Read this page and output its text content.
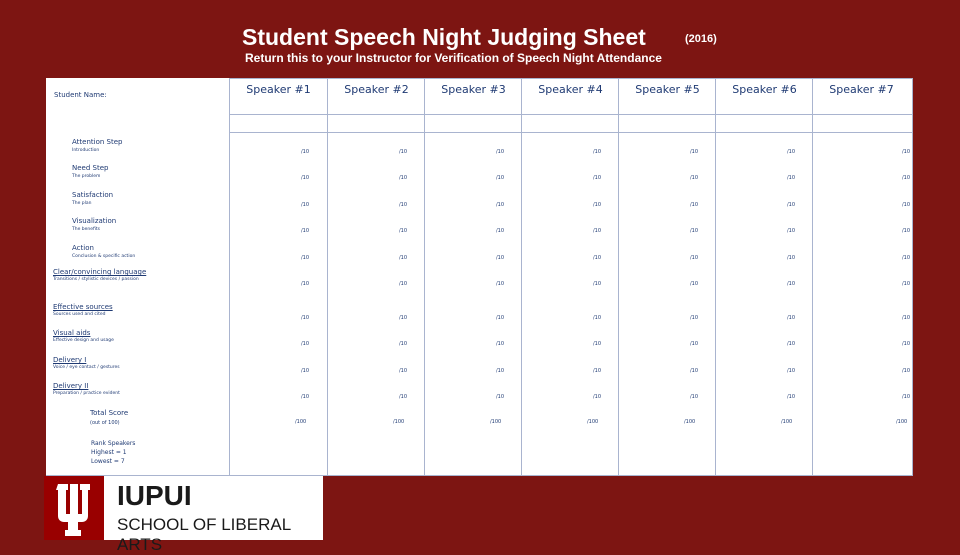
Student Speech Night Judging Sheet	(2016)
Return this to your Instructor for Verification of Speech Night Attendance
Student Name:	Speaker #1	Speaker #2	Speaker #3	Speaker #4	Speaker #5	Speaker #6	Speaker #7
Attention Step
Introduction	/10	/10	/10	/10	/10	/10	/10
Need Step
The problem	/10	/10	/10	/10	/10	/10	/10
Satisfaction
The plan	/10	/10	/10	/10	/10	/10	/10
Visualization
The benefits	/10	/10	/10	/10	/10	/10	/10
Action
Conclusion & specific action	/10	/10	/10	/10	/10	/10	/10
Clear/convincing language
Transitions / stylistic devices / passion
/10	/10	/10	/10	/10	/10	/10
Effective sources
Sources used and cited
/10	/10	/10	/10	/10	/10	/10
Visual aids
Effective design and usage
/10	/10	/10	/10	/10	/10	/10
Delivery I
Voice / eye contact / gestures
/10	/10	/10	/10	/10	/10	/10
Delivery II
Preparation / practice evident
/10	/10	/10	/10	/10	/10	/10
Total Score
(out of 100)	/100	/100	/100	/100	/100	/100	/100
Rank Speakers
Highest = 1
Lowest = 7
IUPUI
SCHOOL OF LIBERAL ARTS
